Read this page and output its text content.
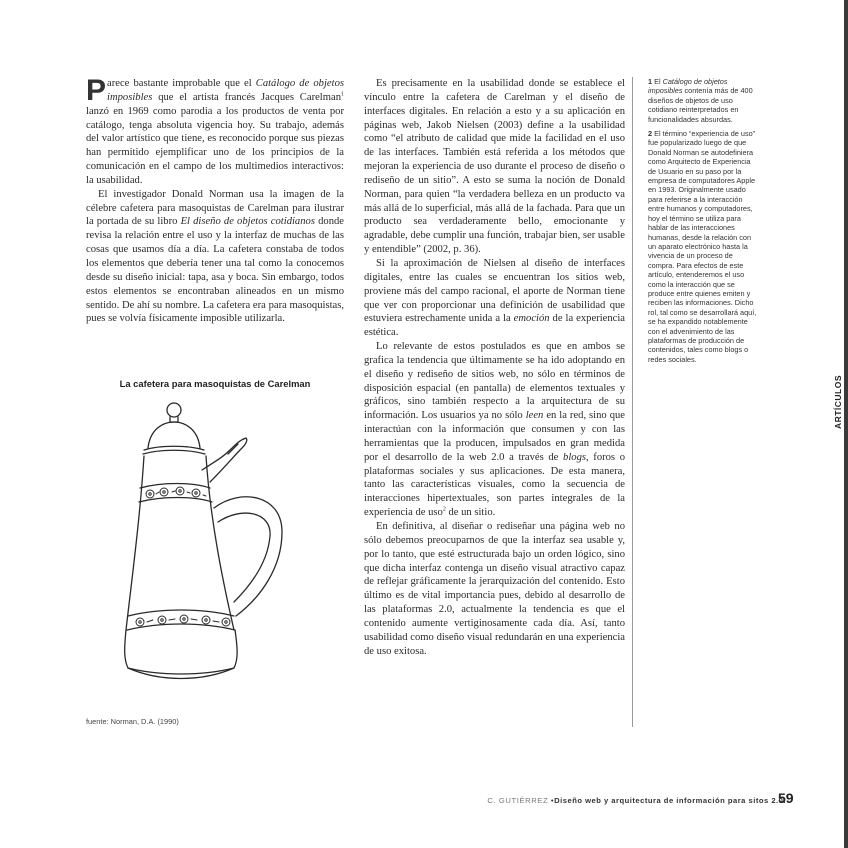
Parece bastante improbable que el Catálogo de objetos imposibles que el artista francés Jacques Carelman$^1$ lanzó en 1969 como parodia a los productos de venta por catálogo, tenga absoluta vigencia hoy. Su trabajo, además del valor artístico que tiene, es reconocido porque sus piezas han permitido ejemplificar uno de los principios de la comunicación en el campo de los multimedios interactivos: la usabilidad.

El investigador Donald Norman usa la imagen de la célebre cafetera para masoquistas de Carelman para ilustrar la portada de su libro El diseño de objetos cotidianos donde revisa la relación entre el uso y la interfaz de muchas de las cosas que usamos día a día. La cafetera constaba de todos los elementos que debería tener una tal como la conocemos desde su diseño inicial: tapa, asa y boca. Sin embargo, todos estos elementos se encontraban alineados en un mismo sentido. De ahí su nombre. La cafetera era para masoquistas, pues se volvía físicamente imposible utilizarla.

La cafetera para masoquistas de Carelman
fuente: Norman, D.A. (1990)

Es precisamente en la usabilidad donde se establece el vínculo entre la cafetera de Carelman y el diseño de interfaces digitales. En relación a esto y a su aplicación en páginas web, Jakob Nielsen (2003) define a la usabilidad como “el atributo de calidad que mide la facilidad en el uso de las interfaces. También está referida a los métodos que mejoran la experiencia de uso durante el proceso de diseño o rediseño de un sitio”. A esto se suma la noción de Donald Norman, para quien “la verdadera belleza en un producto va más allá de lo superficial, más allá de la fachada. Para que un producto sea verdaderamente bello, emocionante y agradable, debe cumplir una función, trabajar bien, ser usable y entendible” (2002, p. 36).

Si la aproximación de Nielsen al diseño de interfaces digitales, entre las cuales se encuentran los sitios web, proviene más del campo racional, el aporte de Norman tiene que ver con proporcionar una definición de usabilidad que estuviera estrechamente unida a la emoción de la experiencia estética.

Lo relevante de estos postulados es que en ambos se grafica la tendencia que últimamente se ha ido adoptando en el diseño y rediseño de sitios web, no sólo en términos de disposición espacial (en pantalla) de elementos textuales y gráficos, sino también respecto a la arquitectura de su información. Los usuarios ya no sólo leen en la red, sino que interactúan con la información que consumen y con las herramientas que la producen, impulsados en gran medida por el desarrollo de la web 2.0 a través de blogs, foros o plataformas sociales y sus aplicaciones. De esta manera, tanto las características visuales, como la secuencia de interacciones hipertextuales, son partes integrales de la experiencia de uso$^2$ de un sitio.

En definitiva, al diseñar o rediseñar una página web no sólo debemos preocuparnos de que la interfaz sea usable y, por lo tanto, que esté estructurada bajo un orden lógico, sino que dicha interfaz contenga un diseño visual atractivo capaz de reflejar gráficamente la jerarquización del contenido. Esto último es de vital importancia pues, debido al desarrollo de las plataformas 2.0, actualmente la tendencia es que el contenido aumente vertiginosamente cada día. Así, tanto usabilidad como diseño visual redundarán en una experiencia de uso exitosa.

1 El Catálogo de objetos imposibles contenía más de 400 diseños de objetos de uso cotidiano reinterpretados en funcionalidades absurdas.

2 El término “experiencia de uso” fue popularizado luego de que Donald Norman se autodefiniera como Arquitecto de Experiencia de Usuario en su paso por la empresa de computadores Apple en 1993. Originalmente usado para referirse a la interacción entre humanos y computadores, hoy el término se utiliza para hablar de las interacciones humanas, desde la relación con un aparato electrónico hasta la vivencia de un proceso de compra. Para efectos de este artículo, entenderemos el uso como la interacción que se produce entre quienes emiten y reciben las informaciones. Dicho rol, tal como se desarrollará aquí, se ha expandido notablemente con el advenimiento de las plataformas de producción de contenidos, tales como blogs o redes sociales.

ARTÍCULOS
C. GUTIÉRREZ •Diseño web y arquitectura de información para sitos 2.0.
59
